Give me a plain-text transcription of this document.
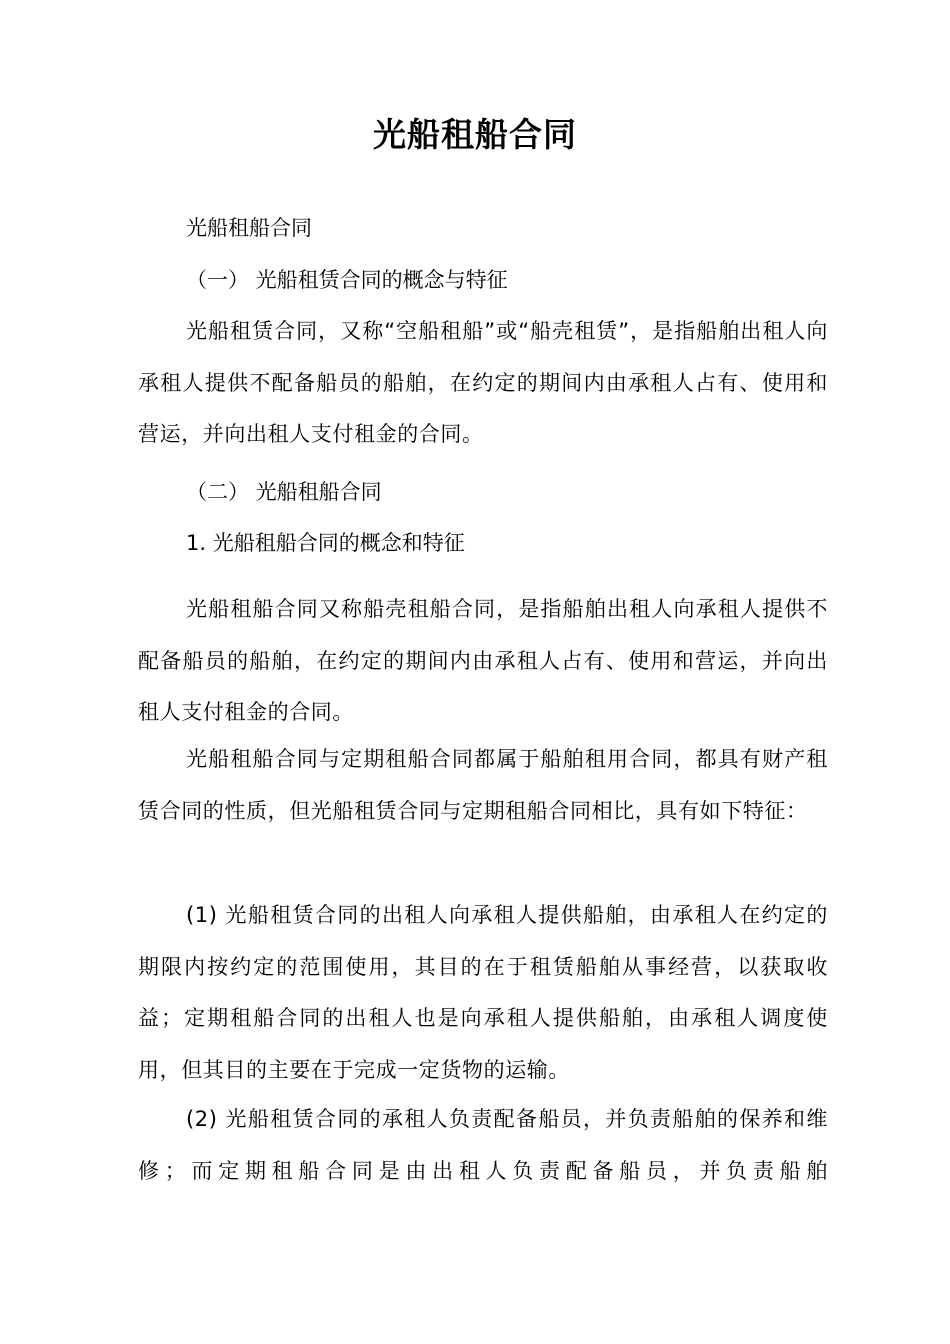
光船租船合同
光船租船合同
（一） 光船租赁合同的概念与特征
光船租赁合同，又称“空船租船”或“船壳租赁”，是指船舶出租人向承租人提供不配备船员的船舶，在约定的期间内由承租人占有、使用和营运，并向出租人支付租金的合同。
（二） 光船租船合同
1. 光船租船合同的概念和特征
光船租船合同又称船壳租船合同，是指船舶出租人向承租人提供不配备船员的船舶，在约定的期间内由承租人占有、使用和营运，并向出租人支付租金的合同。
光船租船合同与定期租船合同都属于船舶租用合同，都具有财产租赁合同的性质，但光船租赁合同与定期租船合同相比，具有如下特征：
(1) 光船租赁合同的出租人向承租人提供船舶，由承租人在约定的期限内按约定的范围使用，其目的在于租赁船舶从事经营，以获取收益；定期租船合同的出租人也是向承租人提供船舶，由承租人调度使用，但其目的主要在于完成一定货物的运输。
(2) 光船租赁合同的承租人负责配备船员，并负责船舶的保养和维修；而定期租船合同是由出租人负责配备船员，并负责船舶
